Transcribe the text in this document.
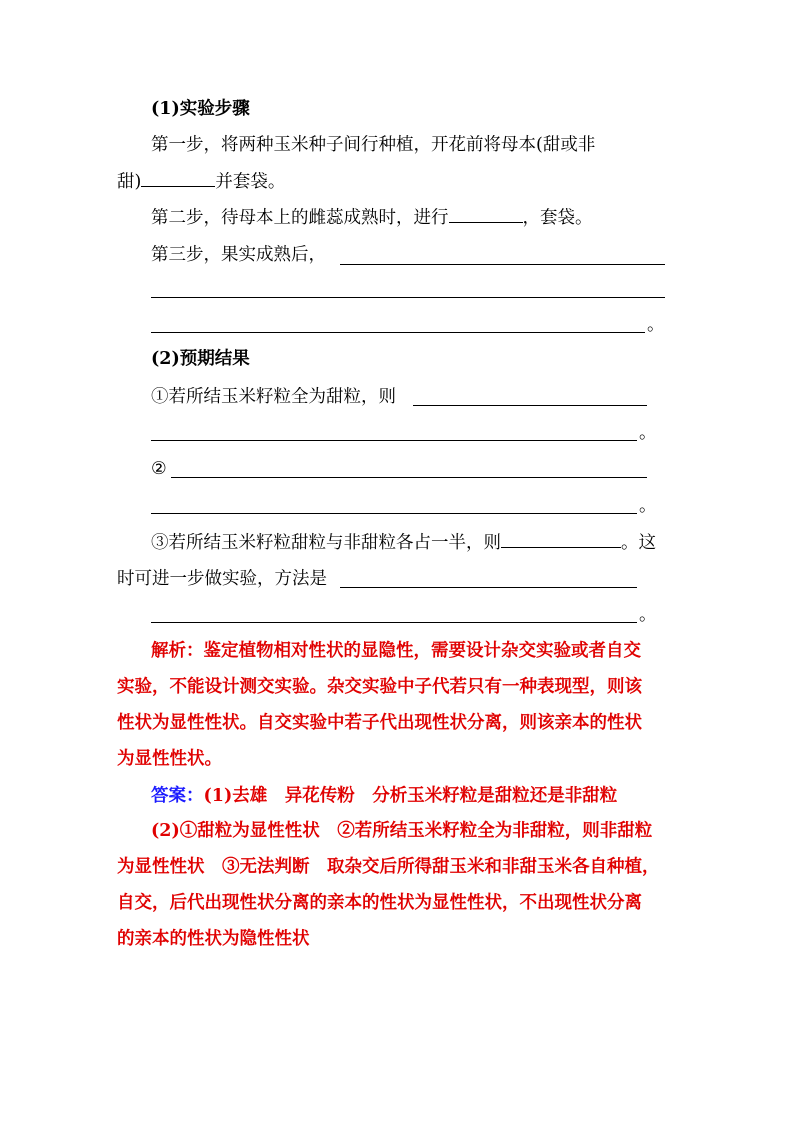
(1)实验步骤
第一步，将两种玉米种子间行种植，开花前将母本(甜或非
甜)	并套袋。
第二步，待母本上的雌蕊成熟时，进行	，套袋。
第三步，果实成熟后，
。
(2)预期结果
①若所结玉米籽粒全为甜粒，则
。
②
。
③若所结玉米籽粒甜粒与非甜粒各占一半，则	。这
时可进一步做实验，方法是
。
解析：鉴定植物相对性状的显隐性，需要设计杂交实验或者自交
实验，不能设计测交实验。杂交实验中子代若只有一种表现型，则该
性状为显性性状。自交实验中若子代出现性状分离，则该亲本的性状
为显性性状。
答案：(1)去雄　异花传粉　分析玉米籽粒是甜粒还是非甜粒
(2)①甜粒为显性性状　②若所结玉米籽粒全为非甜粒，则非甜粒
为显性性状　③无法判断　取杂交后所得甜玉米和非甜玉米各自种植，
自交，后代出现性状分离的亲本的性状为显性性状，不出现性状分离
的亲本的性状为隐性性状
